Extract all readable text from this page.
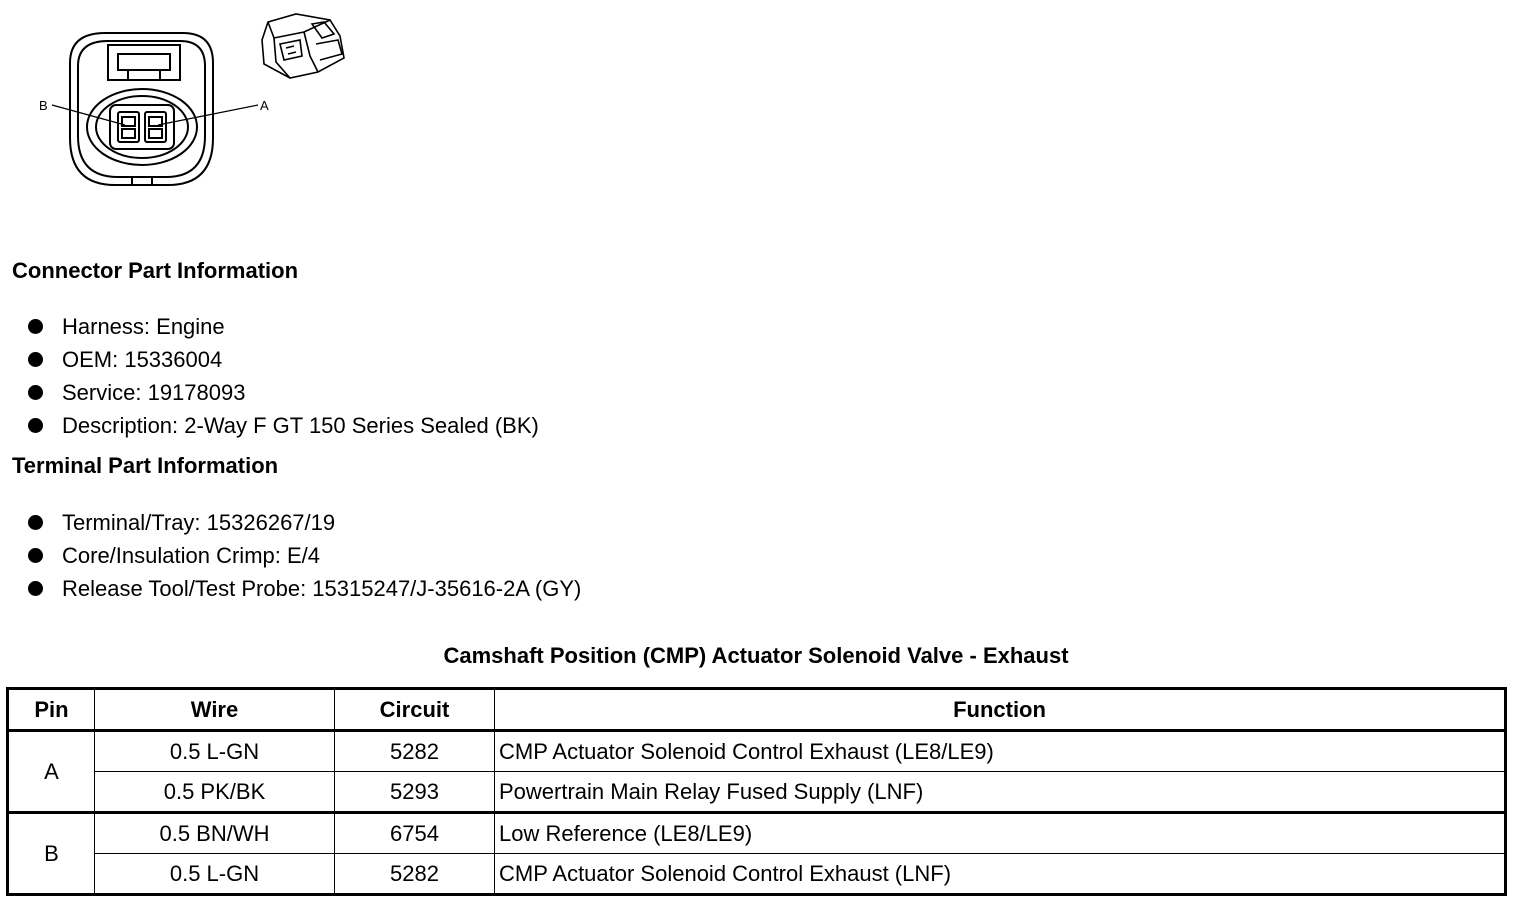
B	A
Connector Part Information
Harness: Engine
OEM: 15336004
Service: 19178093
Description: 2-Way F GT 150 Series Sealed (BK)
Terminal Part Information
Terminal/Tray: 15326267/19
Core/Insulation Crimp: E/4
Release Tool/Test Probe: 15315247/J-35616-2A (GY)
Camshaft Position (CMP) Actuator Solenoid Valve - Exhaust
Pin	Wire	Circuit	Function
A	0.5 L-GN	5282	CMP Actuator Solenoid Control Exhaust (LE8/LE9)
	0.5 PK/BK	5293	Powertrain Main Relay Fused Supply (LNF)
B	0.5 BN/WH	6754	Low Reference (LE8/LE9)
	0.5 L-GN	5282	CMP Actuator Solenoid Control Exhaust (LNF)
